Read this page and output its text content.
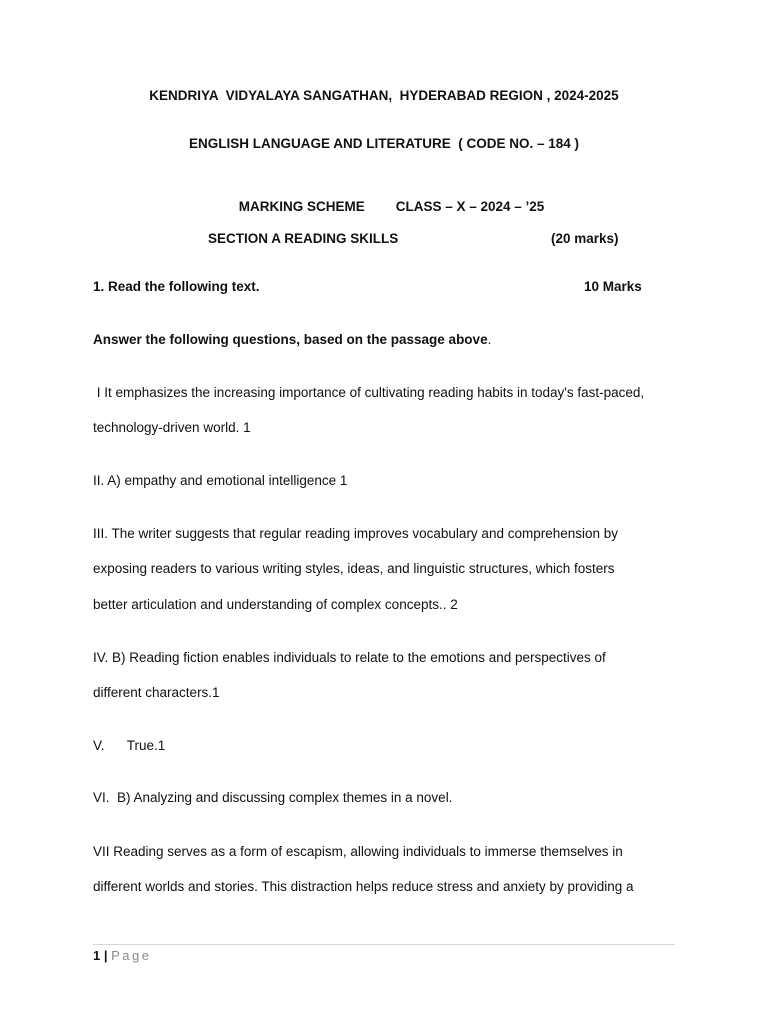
KENDRIYA  VIDYALAYA SANGATHAN,  HYDERABAD REGION , 2024-2025
ENGLISH LANGUAGE AND LITERATURE  ( CODE NO. – 184 )

MARKING SCHEME CLASS – X – 2024 – ’25

SECTION A READING SKILLS	(20 marks)
1. Read the following text.	10 Marks
Answer the following questions, based on the passage above.
I It emphasizes the increasing importance of cultivating reading habits in today's fast-paced,
technology-driven world. 1
II. A) empathy and emotional intelligence 1
III. The writer suggests that regular reading improves vocabulary and comprehension by
exposing readers to various writing styles, ideas, and linguistic structures, which fosters
better articulation and understanding of complex concepts.. 2
IV. B) Reading fiction enables individuals to relate to the emotions and perspectives of
different characters.1
V.      True.1
VI.  B) Analyzing and discussing complex themes in a novel.
VII Reading serves as a form of escapism, allowing individuals to immerse themselves in
different worlds and stories. This distraction helps reduce stress and anxiety by providing a
1 | Page
